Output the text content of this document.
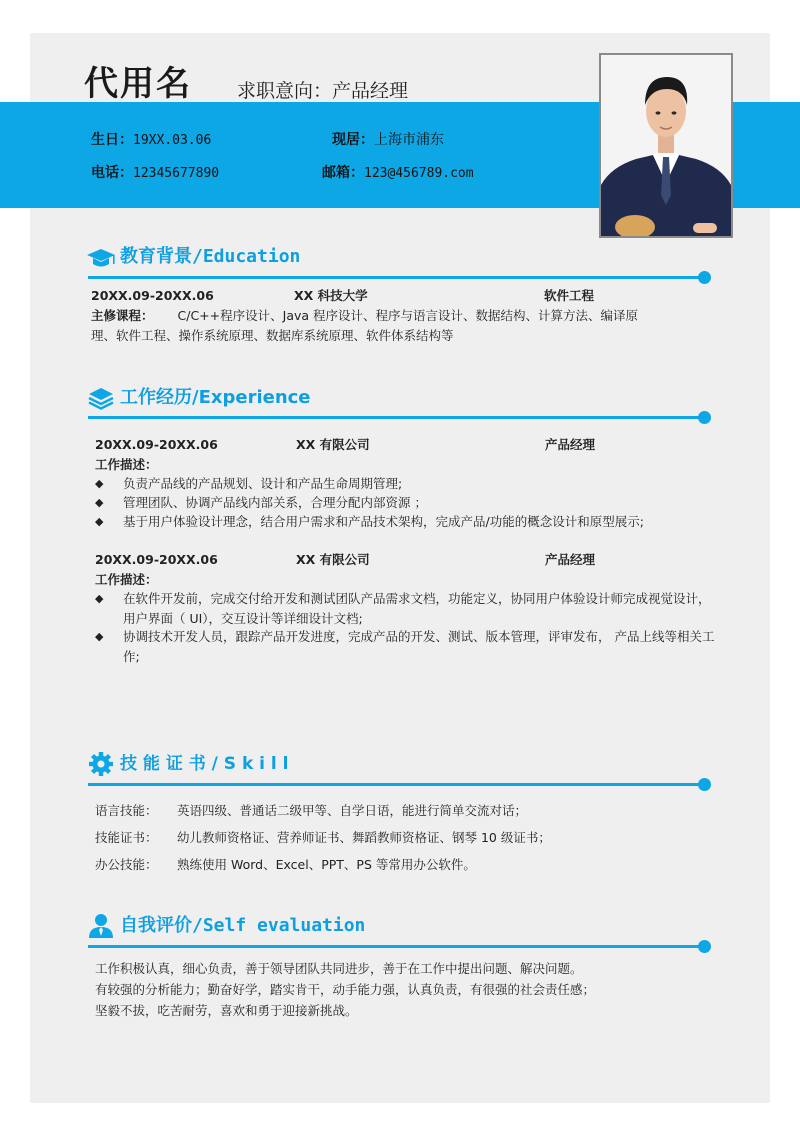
代用名 求职意向：产品经理
生日：19XX.03.06	现居：上海市浦东
电话：12345677890	邮箱：123@456789.com
教育背景/Education
20XX.09-20XX.06	XX 科技大学	软件工程
主修课程： C/C++程序设计、Java 程序设计、程序与语言设计、数据结构、计算方法、编译原
理、软件工程、操作系统原理、数据库系统原理、软件体系结构等
工作经历/Experience
20XX.09-20XX.06	XX 有限公司	产品经理
工作描述：
◆ 负责产品线的产品规划、设计和产品生命周期管理;
◆ 管理团队、协调产品线内部关系，合理分配内部资源 ；
◆ 基于用户体验设计理念，结合用户需求和产品技术架构，完成产品/功能的概念设计和原型展示;
20XX.09-20XX.06	XX 有限公司	产品经理
工作描述：
◆ 在软件开发前，完成交付给开发和测试团队产品需求文档，功能定义，协同用户体验设计师完成视觉设计，用户界面（ UI），交互设计等详细设计文档;
◆ 协调技术开发人员，跟踪产品开发进度，完成产品的开发、测试、版本管理，评审发布， 产品上线等相关工作;
技 能 证 书 / S k i l l
语言技能： 英语四级、普通话二级甲等、自学日语，能进行简单交流对话；
技能证书： 幼儿教师资格证、营养师证书、舞蹈教师资格证、钢琴 10 级证书；
办公技能： 熟练使用 Word、Excel、PPT、PS 等常用办公软件。
自我评价/Self evaluation
工作积极认真，细心负责，善于领导团队共同进步，善于在工作中提出问题、解决问题。
有较强的分析能力；勤奋好学，踏实肯干，动手能力强，认真负责，有很强的社会责任感；
坚毅不拔，吃苦耐劳，喜欢和勇于迎接新挑战。
